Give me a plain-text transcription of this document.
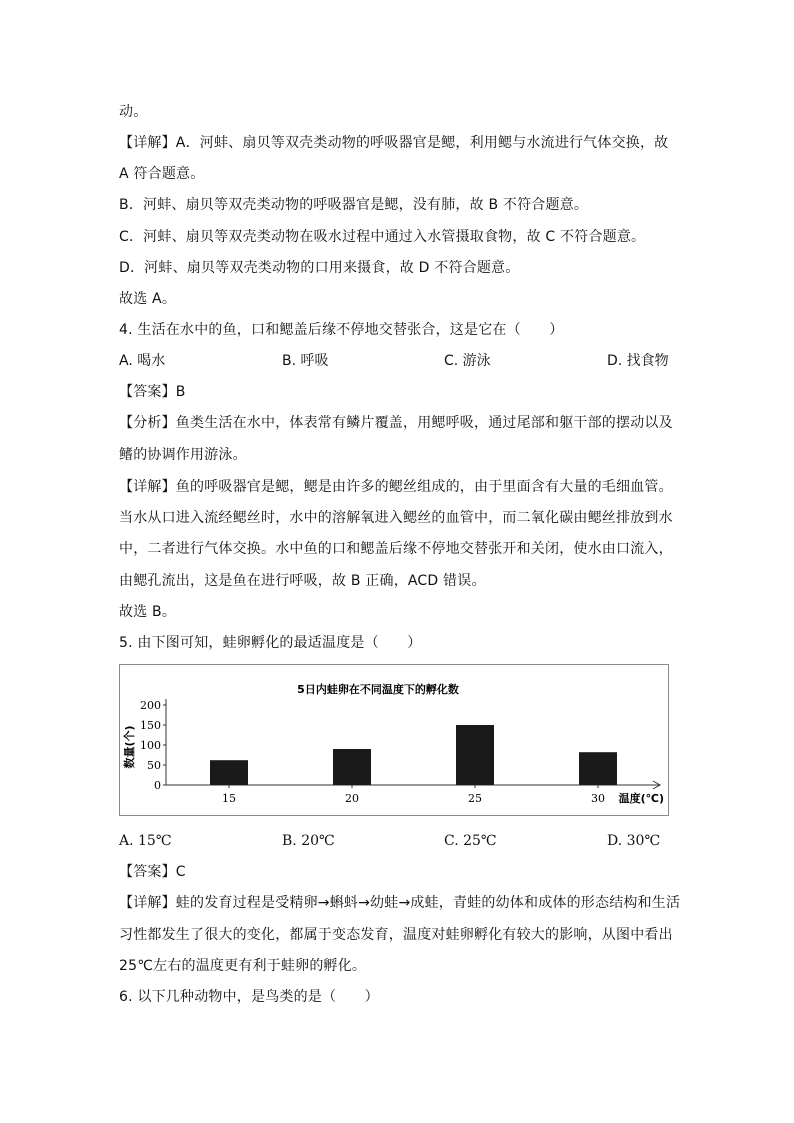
动。
【详解】A．河蚌、扇贝等双壳类动物的呼吸器官是鳃，利用鳃与水流进行气体交换，故
A 符合题意。
B．河蚌、扇贝等双壳类动物的呼吸器官是鳃，没有肺，故 B 不符合题意。
C．河蚌、扇贝等双壳类动物在吸水过程中通过入水管摄取食物，故 C 不符合题意。
D．河蚌、扇贝等双壳类动物的口用来摄食，故 D 不符合题意。
故选 A。
4. 生活在水中的鱼，口和鳃盖后缘不停地交替张合，这是它在（　　）
A. 喝水	B. 呼吸	C. 游泳	D. 找食物
【答案】B
【分析】鱼类生活在水中，体表常有鳞片覆盖，用鳃呼吸，通过尾部和躯干部的摆动以及
鳍的协调作用游泳。
【详解】鱼的呼吸器官是鳃，鳃是由许多的鳃丝组成的，由于里面含有大量的毛细血管。
当水从口进入流经鳃丝时，水中的溶解氧进入鳃丝的血管中，而二氧化碳由鳃丝排放到水
中，二者进行气体交换。水中鱼的口和鳃盖后缘不停地交替张开和关闭，使水由口流入，
由鳃孔流出，这是鱼在进行呼吸，故 B 正确，ACD 错误。
故选 B。
5. 由下图可知，蛙卵孵化的最适温度是（　　）
5日内蛙卵在不同温度下的孵化数
数量(个)
温度(℃)
0
50
100
150
200
15	20	25	30
A. 15℃	B. 20℃	C. 25℃	D. 30℃
【答案】C
【详解】蛙的发育过程是受精卵→蝌蚪→幼蛙→成蛙，青蛙的幼体和成体的形态结构和生活
习性都发生了很大的变化，都属于变态发育，温度对蛙卵孵化有较大的影响，从图中看出
25℃左右的温度更有利于蛙卵的孵化。
6. 以下几种动物中，是鸟类的是（　　）
